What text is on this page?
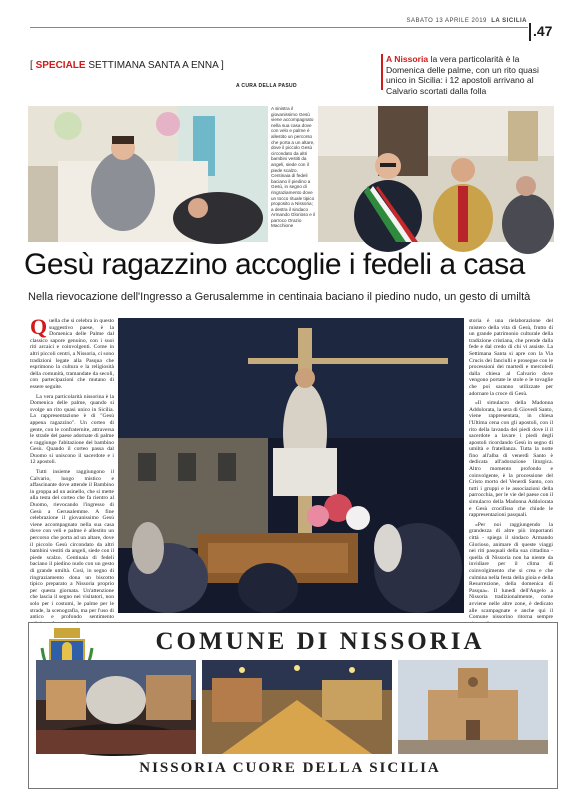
SABATO 13 APRILE 2019 LA SICILIA
.47
[ SPECIALE SETTIMANA SANTA A ENNA ]
A CURA DELLA PASUD
A Nissoria la vera particolarità è la Domenica delle palme, con un rito quasi unico in Sicilia: i 12 apostoli arrivano al Calvario scortati dalla folla
A sinistra il giovanissimo Gesù viene accompagnato nella sua casa dove con velo e palme è allestito un percorso che porta a un altare, dove il piccolo Gesù circondato da altri bambini vestiti da angeli, siede con il piede scalzo. Centinaia di fedeli baciano il piedino a Gesù, in segno di ringraziamento dove un tocco rituale tipico proposito a Nissoria; a destra il sindaco Armando Glorioso e il parroco Orazio Macchione
Gesù ragazzino accoglie i fedeli a casa
Nella rievocazione dell'Ingresso a Gerusalemme in centinaia baciano il piedino nudo, un gesto di umiltà

Quella che si celebra in questo suggestivo paese, è la Domenica delle Palme dal classico sapore genuino, con i suoi riti arcaici e coinvolgenti. Come in altri piccoli centri, a Nissoria, ci sono tradizioni legate alla Pasqua che esprimono la cultura e la religiosità della comunità, tramandate da secoli, con partecipazioni che mutano di essere seguite.

La vera particolarità nissorina è la Domenica delle palme, quando si svolge un rito quasi unico in Sicilia. La rappresentazione è di "Gesù appena ragazzino". Un corteo di gente, con le confraternite, attraversa le strade del paese adornate di palme e raggiunge l'abitazione del bambino Gesù. Quando il corteo passa dal Duomo si uniscono il sacerdote e i 12 apostoli.

Tutti insieme raggiungono il Calvario, luogo mistico e affascinante dove attende il Bambino in groppa ad un asinello, che si mette alla testa del corteo che fa rientro al Duomo, rievocando l'ingresso di Gesù a Gerusalemme. A fine celebrazione il giovanissimo Gesù viene accompagnato nella sua casa dove con veli e palme è allestito un percorso che porta ad un altare, dove il piccolo Gesù circondato da altri bambini vestiti da angeli, siede con il piede scalzo. Centinaia di fedeli baciano il piedino nudo con un gesto di grande umiltà. Così, in segno di ringraziamento dona un biscotto tipico preparato a Nissoria proprio per questa giornata. Un'attenzione che lascia il segno nei visitatori, non solo per i costumi, le palme per le strade, la scenografia, ma per l'uso di antico e profondo sentimento

storia è una rielaborazione del mistero della vita di Gesù, frutto di un grande patrimonio culturale della tradizione cristiana, che prende dalla fede e dal credo di chi vi assiste. La Settimana Santa si apre con la Via Crucis dei fanciulli e prosegue con le processioni dei martedì e mercoledì dalla chiesa al Calvario dove vengono portate le stole e le tovaglie che poi saranno utilizzate per adornare la croce di Gesù.

«Il simulacro della Madonna Addolorata, la sera di Giovedì Santo, viene rappresentata, in chiesa l'Ultima cena con gli apostoli, con il rito della lavanda dei piedi dove il il sacerdote a lavare i piedi degli apostoli ricordando Gesù in segno di umiltà e fratellanza. Tutta la notte fino all'alba di venerdì Santo è dedicata all'adorazione liturgica. Altro momento profondo e coinvolgente, è la processione del Cristo morto del Venerdì Santo, con tutti i gruppi e le associazioni della parrocchia, per le vie del paese con il simulacro della Madonna Addolorata e Gesù crocifisso che chiude le rappresentazioni pasquali.

«Per noi raggiungendo la grandezza di altre più importanti città - spiega il sindaco Armando Glorioso, animare di queste viaggi nei riti pasquali della sua cittadina - quella di Nissoria non ha niente da invidiare per il clima di coinvolgimento che si crea e che culmina nella festa della gioia e della Resurrezione, della domenica di Pasqua». Il lunedì dell'Angelo a Nissoria tradizionalmente, come avviene nelle altre zone, è dedicato alle scampagnate e anche qui il Comune nissorino ritorna sempre

COMUNE DI NISSORIA
NISSORIA CUORE DELLA SICILIA
